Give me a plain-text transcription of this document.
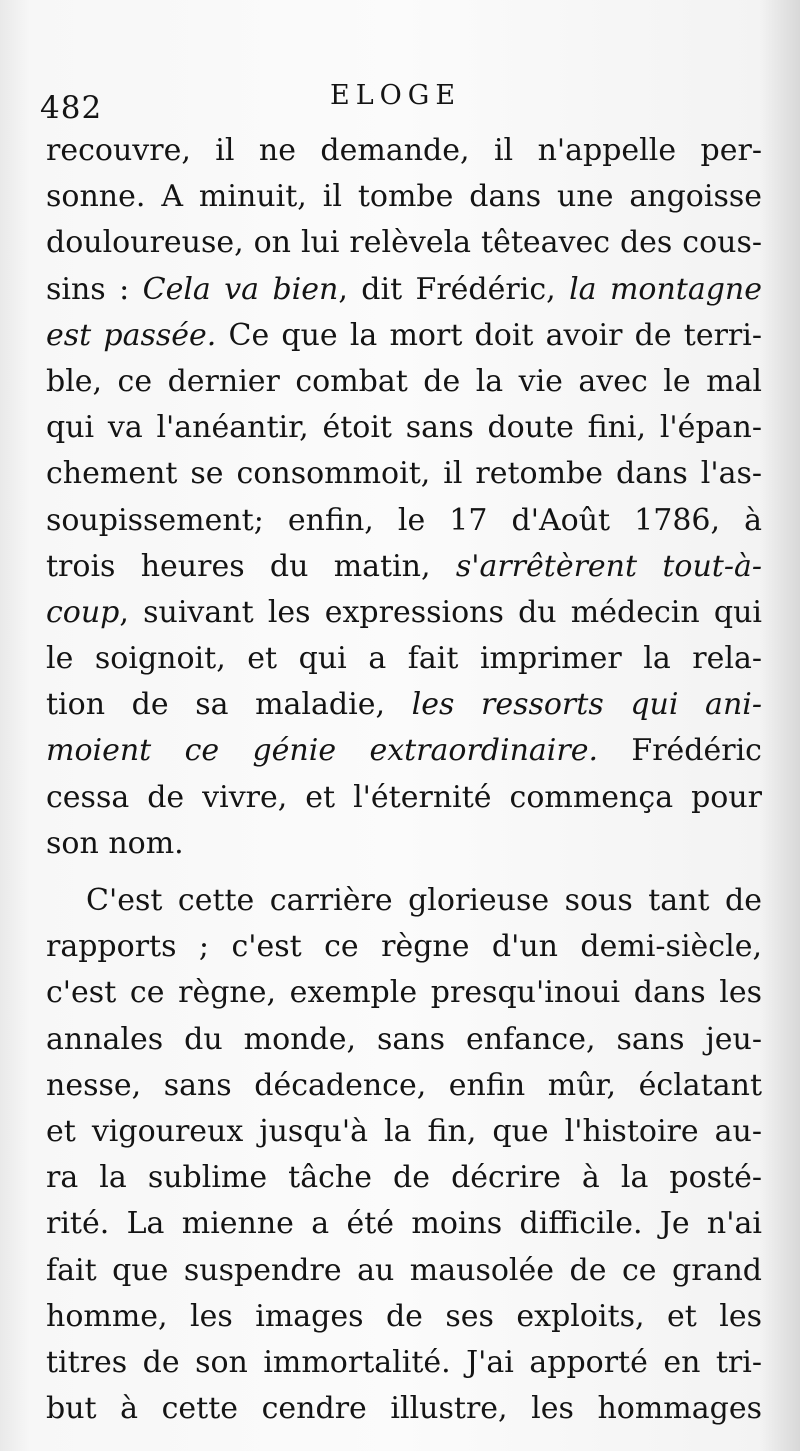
482	ELOGE
recouvre, il ne demande, il n'appelle per-
sonne. A minuit, il tombe dans une angoisse
douloureuse, on lui relèvela têteavec des cous-
sins : Cela va bien, dit Frédéric, la montagne
est passée. Ce que la mort doit avoir de terri-
ble, ce dernier combat de la vie avec le mal
qui va l'anéantir, étoit sans doute fini, l'épan-
chement se consommoit, il retombe dans l'as-
soupissement; enfin, le 17 d'Août 1786, à
trois heures du matin, s'arrêtèrent tout-à-
coup, suivant les expressions du médecin qui
le soignoit, et qui a fait imprimer la rela-
tion de sa maladie, les ressorts qui ani-
moient ce génie extraordinaire. Frédéric
cessa de vivre, et l'éternité commença pour
son nom.
C'est cette carrière glorieuse sous tant de
rapports ; c'est ce règne d'un demi-siècle,
c'est ce règne, exemple presqu'inoui dans les
annales du monde, sans enfance, sans jeu-
nesse, sans décadence, enfin mûr, éclatant
et vigoureux jusqu'à la fin, que l'histoire au-
ra la sublime tâche de décrire à la posté-
rité. La mienne a été moins difficile. Je n'ai
fait que suspendre au mausolée de ce grand
homme, les images de ses exploits, et les
titres de son immortalité. J'ai apporté en tri-
but à cette cendre illustre, les hommages
